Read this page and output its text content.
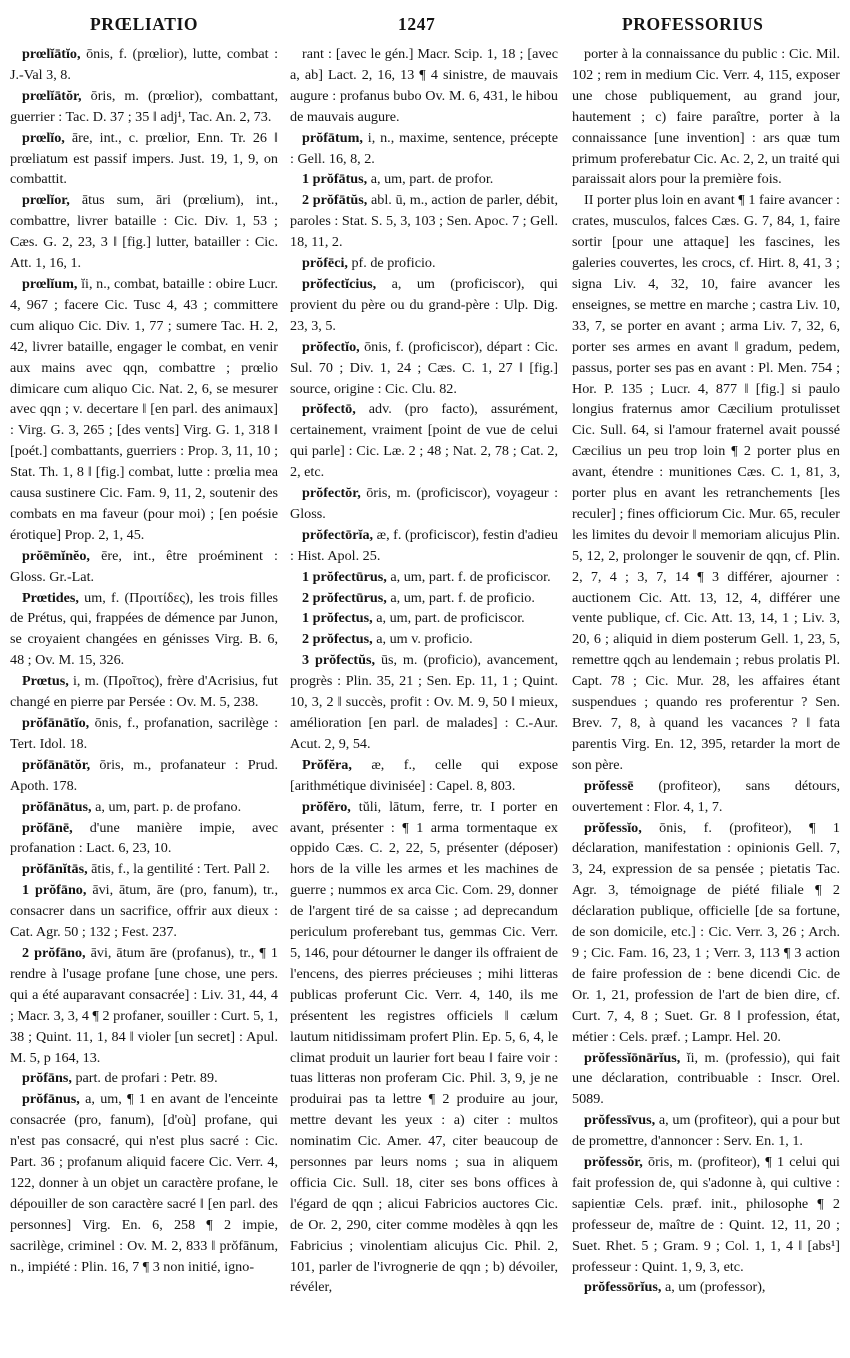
PRŒLIATIO	1247	PROFESSORIUS
prœlĭātĭo, ōnis, f. (prœlior), lutte, combat : J.-Val 3, 8.
prœlĭātŏr, ōris, m. (prœlior), combattant, guerrier : Tac. D. 37 ; 35 ‖ adj¹, Tac. An. 2, 73.
prœlĭo, āre, int., c. prœlior, Enn. Tr. 26 ‖ prœliatum est passif impers. Just. 19, 1, 9, on combattit.
prœlĭor, ātus sum, āri (prœlium), int., combattre, livrer bataille : Cic. Div. 1, 53 ; Cæs. G. 2, 23, 3 ‖ [fig.] lutter, batailler : Cic. Att. 1, 16, 1.
prœlĭum, ĭi, n., combat, bataille : obire Lucr. 4, 967 ; facere Cic. Tusc 4, 43 ; committere cum aliquo Cic. Div. 1, 77 ; sumere Tac. H. 2, 42, livrer bataille, engager le combat, en venir aux mains avec qqn, combattre ; prœlio dimicare cum aliquo Cic. Nat. 2, 6, se mesurer avec qqn ; v. decertare ‖ [en parl. des animaux] : Virg. G. 3, 265 ; [des vents] Virg. G. 1, 318 ‖ [poét.] combattants, guerriers : Prop. 3, 11, 10 ; Stat. Th. 1, 8 ‖ [fig.] combat, lutte : prœlia mea causa sustinere Cic. Fam. 9, 11, 2, soutenir des combats en ma faveur (pour moi) ; [en poésie érotique] Prop. 2, 1, 45.
prŏēmĭnĕo, ēre, int., être proéminent : Gloss. Gr.-Lat.
Prœtides, um, f. (Προιτίδες), les trois filles de Prétus, qui, frappées de démence par Junon, se croyaient changées en génisses Virg. B. 6, 48 ; Ov. M. 15, 326.
Prœtus, i, m. (Προῖτος), frère d'Acrisius, fut changé en pierre par Persée : Ov. M. 5, 238.
prŏfānātĭo, ōnis, f., profanation, sacrilège : Tert. Idol. 18.
prŏfānātŏr, ōris, m., profanateur : Prud. Apoth. 178.
prŏfānātus, a, um, part. p. de profano.
prŏfānē, d'une manière impie, avec profanation : Lact. 6, 23, 10.
prŏfānĭtās, ātis, f., la gentilité : Tert. Pall 2.
1 prŏfāno, āvi, ātum, āre (pro, fanum), tr., consacrer dans un sacrifice, offrir aux dieux : Cat. Agr. 50 ; 132 ; Fest. 237.
2 prŏfāno, āvi, ātum āre (profanus), tr., ¶ 1 rendre à l'usage profane [une chose, une pers. qui a été auparavant consacrée] : Liv. 31, 44, 4 ; Macr. 3, 3, 4 ¶ 2 profaner, souiller : Curt. 5, 1, 38 ; Quint. 11, 1, 84 ‖ violer [un secret] : Apul. M. 5, p 164, 13.
prŏfāns, part. de profari : Petr. 89.
prŏfānus, a, um, ¶ 1 en avant de l'enceinte consacrée (pro, fanum), [d'où] profane, qui n'est pas consacré, qui n'est plus sacré : Cic. Part. 36 ; profanum aliquid facere Cic. Verr. 4, 122, donner à un objet un caractère profane, le dépouiller de son caractère sacré ‖ [en parl. des personnes] Virg. En. 6, 258 ¶ 2 impie, sacrilège, criminel : Ov. M. 2, 833 ‖ prŏfānum, n., impiété : Plin. 16, 7 ¶ 3 non initié, igno-
rant : [avec le gén.] Macr. Scip. 1, 18 ; [avec a, ab] Lact. 2, 16, 13 ¶ 4 sinistre, de mauvais augure : profanus bubo Ov. M. 6, 431, le hibou de mauvais augure.
prŏfātum, i, n., maxime, sentence, précepte : Gell. 16, 8, 2.
1 prŏfātus, a, um, part. de profor.
2 prŏfātŭs, abl. ū, m., action de parler, débit, paroles : Stat. S. 5, 3, 103 ; Sen. Apoc. 7 ; Gell. 18, 11, 2.
prŏfēci, pf. de proficio.
prŏfectĭcius, a, um (proficiscor), qui provient du père ou du grand-père : Ulp. Dig. 23, 3, 5.
prŏfectĭo, ōnis, f. (proficiscor), départ : Cic. Sul. 70 ; Div. 1, 24 ; Cæs. C. 1, 27 ‖ [fig.] source, origine : Cic. Clu. 82.
prŏfectō, adv. (pro facto), assurément, certainement, vraiment [point de vue de celui qui parle] : Cic. Læ. 2 ; 48 ; Nat. 2, 78 ; Cat. 2, 2, etc.
prŏfectŏr, ōris, m. (proficiscor), voyageur : Gloss.
prŏfectōrĭa, æ, f. (proficiscor), festin d'adieu : Hist. Apol. 25.
1 prŏfectūrus, a, um, part. f. de proficiscor.
2 prŏfectūrus, a, um, part. f. de proficio.
1 prŏfectus, a, um, part. de proficiscor.
2 prŏfectus, a, um v. proficio.
3 prŏfectŭs, ūs, m. (proficio), avancement, progrès : Plin. 35, 21 ; Sen. Ep. 11, 1 ; Quint. 10, 3, 2 ‖ succès, profit : Ov. M. 9, 50 ‖ mieux, amélioration [en parl. de malades] : C.-Aur. Acut. 2, 9, 54.
Prŏfĕra, æ, f., celle qui expose [arithmétique divinisée] : Capel. 8, 803.
prŏfĕro, tŭli, lātum, ferre, tr. I porter en avant, présenter : ¶ 1 arma tormentaque ex oppido Cæs. C. 2, 22, 5, présenter (déposer) hors de la ville les armes et les machines de guerre ; nummos ex arca Cic. Com. 29, donner de l'argent tiré de sa caisse ; ad deprecandum periculum proferebant tus, gemmas Cic. Verr. 5, 146, pour détourner le danger ils offraient de l'encens, des pierres précieuses ; mihi litteras publicas proferunt Cic. Verr. 4, 140, ils me présentent les registres officiels ‖ cælum lautum nitidissimam profert Plin. Ep. 5, 6, 4, le climat produit un laurier fort beau ‖ faire voir : tuas litteras non proferam Cic. Phil. 3, 9, je ne produirai pas ta lettre ¶ 2 produire au jour, mettre devant les yeux : a) citer : multos nominatim Cic. Amer. 47, citer beaucoup de personnes par leurs noms ; sua in aliquem officia Cic. Sull. 18, citer ses bons offices à l'égard de qqn ; alicui Fabricios auctores Cic. de Or. 2, 290, citer comme modèles à qqn les Fabricius ; vinolentiam alicujus Cic. Phil. 2, 101, parler de l'ivrognerie de qqn ; b) dévoiler, révéler,
porter à la connaissance du public : Cic. Mil. 102 ; rem in medium Cic. Verr. 4, 115, exposer une chose publiquement, au grand jour, hautement ; c) faire paraître, porter à la connaissance [une invention] : ars quæ tum primum proferebatur Cic. Ac. 2, 2, un traité qui paraissait alors pour la première fois.
II porter plus loin en avant ¶ 1 faire avancer : crates, musculos, falces Cæs. G. 7, 84, 1, faire sortir [pour une attaque] les fascines, les galeries couvertes, les crocs, cf. Hirt. 8, 41, 3 ; signa Liv. 4, 32, 10, faire avancer les enseignes, se mettre en marche ; castra Liv. 10, 33, 7, se porter en avant ; arma Liv. 7, 32, 6, porter ses armes en avant ‖ gradum, pedem, passus, porter ses pas en avant : Pl. Men. 754 ; Hor. P. 135 ; Lucr. 4, 877 ‖ [fig.] si paulo longius fraternus amor Cæcilium protulisset Cic. Sull. 64, si l'amour fraternel avait poussé Cæcilius un peu trop loin ¶ 2 porter plus en avant, étendre : munitiones Cæs. C. 1, 81, 3, porter plus en avant les retranchements [les reculer] ; fines officiorum Cic. Mur. 65, reculer les limites du devoir ‖ memoriam alicujus Plin. 5, 12, 2, prolonger le souvenir de qqn, cf. Plin. 2, 7, 4 ; 3, 7, 14 ¶ 3 différer, ajourner : auctionem Cic. Att. 13, 12, 4, différer une vente publique, cf. Cic. Att. 13, 14, 1 ; Liv. 3, 20, 6 ; aliquid in diem posterum Gell. 1, 23, 5, remettre qqch au lendemain ; rebus prolatis Pl. Capt. 78 ; Cic. Mur. 28, les affaires étant suspendues ; quando res proferentur ? Sen. Brev. 7, 8, à quand les vacances ? ‖ fata parentis Virg. En. 12, 395, retarder la mort de son père.
prŏfessē (profiteor), sans détours, ouvertement : Flor. 4, 1, 7.
prŏfessĭo, ōnis, f. (profiteor), ¶ 1 déclaration, manifestation : opinionis Gell. 7, 3, 24, expression de sa pensée ; pietatis Tac. Agr. 3, témoignage de piété filiale ¶ 2 déclaration publique, officielle [de sa fortune, de son domicile, etc.] : Cic. Verr. 3, 26 ; Arch. 9 ; Cic. Fam. 16, 23, 1 ; Verr. 3, 113 ¶ 3 action de faire profession de : bene dicendi Cic. de Or. 1, 21, profession de l'art de bien dire, cf. Curt. 7, 4, 8 ; Suet. Gr. 8 ‖ profession, état, métier : Cels. præf. ; Lampr. Hel. 20.
prŏfessĭōnārĭus, ĭi, m. (professio), qui fait une déclaration, contribuable : Inscr. Orel. 5089.
prŏfessīvus, a, um (profiteor), qui a pour but de promettre, d'annoncer : Serv. En. 1, 1.
prŏfessŏr, ōris, m. (profiteor), ¶ 1 celui qui fait profession de, qui s'adonne à, qui cultive : sapientiæ Cels. præf. init., philosophe ¶ 2 professeur de, maître de : Quint. 12, 11, 20 ; Suet. Rhet. 5 ; Gram. 9 ; Col. 1, 1, 4 ‖ [abs¹] professeur : Quint. 1, 9, 3, etc.
prŏfessōrĭus, a, um (professor),
